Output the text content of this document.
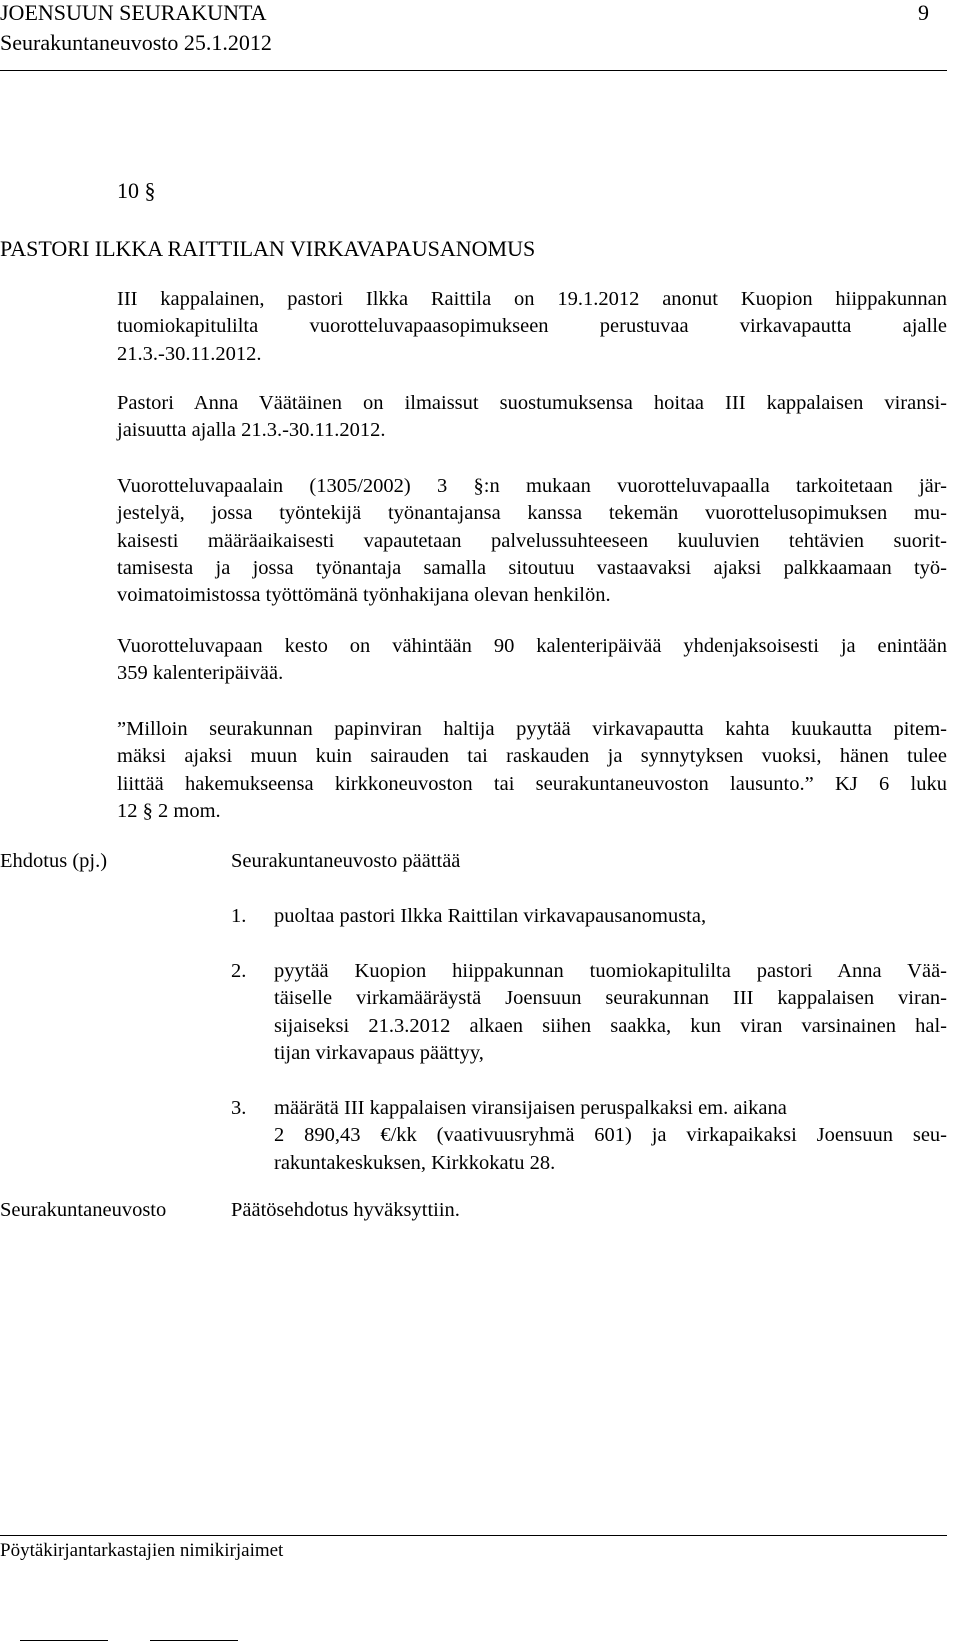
JOENSUUN SEURAKUNTA
Seurakuntaneuvosto 25.1.2012
9
10 §
PASTORI ILKKA RAITTILAN VIRKAVAPAUSANOMUS
III kappalainen, pastori Ilkka Raittila on 19.1.2012 anonut Kuopion hiippakunnan
tuomiokapitulilta vuorotteluvapaasopimukseen perustuvaa virkavapautta ajalle
21.3.-30.11.2012.
Pastori Anna Väätäinen on ilmaissut suostumuksensa hoitaa III kappalaisen viransi-
jaisuutta ajalla 21.3.-30.11.2012.
Vuorotteluvapaalain (1305/2002) 3 §:n mukaan vuorotteluvapaalla tarkoitetaan jär-
jestelyä, jossa työntekijä työnantajansa kanssa tekemän vuorottelusopimuksen mu-
kaisesti määräaikaisesti vapautetaan palvelussuhteeseen kuuluvien tehtävien suorit-
tamisesta ja jossa työnantaja samalla sitoutuu vastaavaksi ajaksi palkkaamaan työ-
voimatoimistossa työttömänä työnhakijana olevan henkilön.
Vuorotteluvapaan kesto on vähintään 90 kalenteripäivää yhdenjaksoisesti ja enintään
359 kalenteripäivää.
”Milloin seurakunnan papinviran haltija pyytää virkavapautta kahta kuukautta pitem-
mäksi ajaksi muun kuin sairauden tai raskauden ja synnytyksen vuoksi, hänen tulee
liittää hakemukseensa kirkkoneuvoston tai seurakuntaneuvoston lausunto.” KJ 6 luku
12 § 2 mom.
Ehdotus (pj.)	Seurakuntaneuvosto päättää
1. puoltaa pastori Ilkka Raittilan virkavapausanomusta,
2. pyytää Kuopion hiippakunnan tuomiokapitulilta pastori Anna Vää-
täiselle virkamääräystä Joensuun seurakunnan III kappalaisen viran-
sijaiseksi 21.3.2012 alkaen siihen saakka, kun viran varsinainen hal-
tijan virkavapaus päättyy,
3. määrätä III kappalaisen viransijaisen peruspalkaksi em. aikana
2 890,43 €/kk (vaativuusryhmä 601) ja virkapaikaksi Joensuun seu-
rakuntakeskuksen, Kirkkokatu 28.
Seurakuntaneuvosto	Päätösehdotus hyväksyttiin.
Pöytäkirjantarkastajien nimikirjaimet
